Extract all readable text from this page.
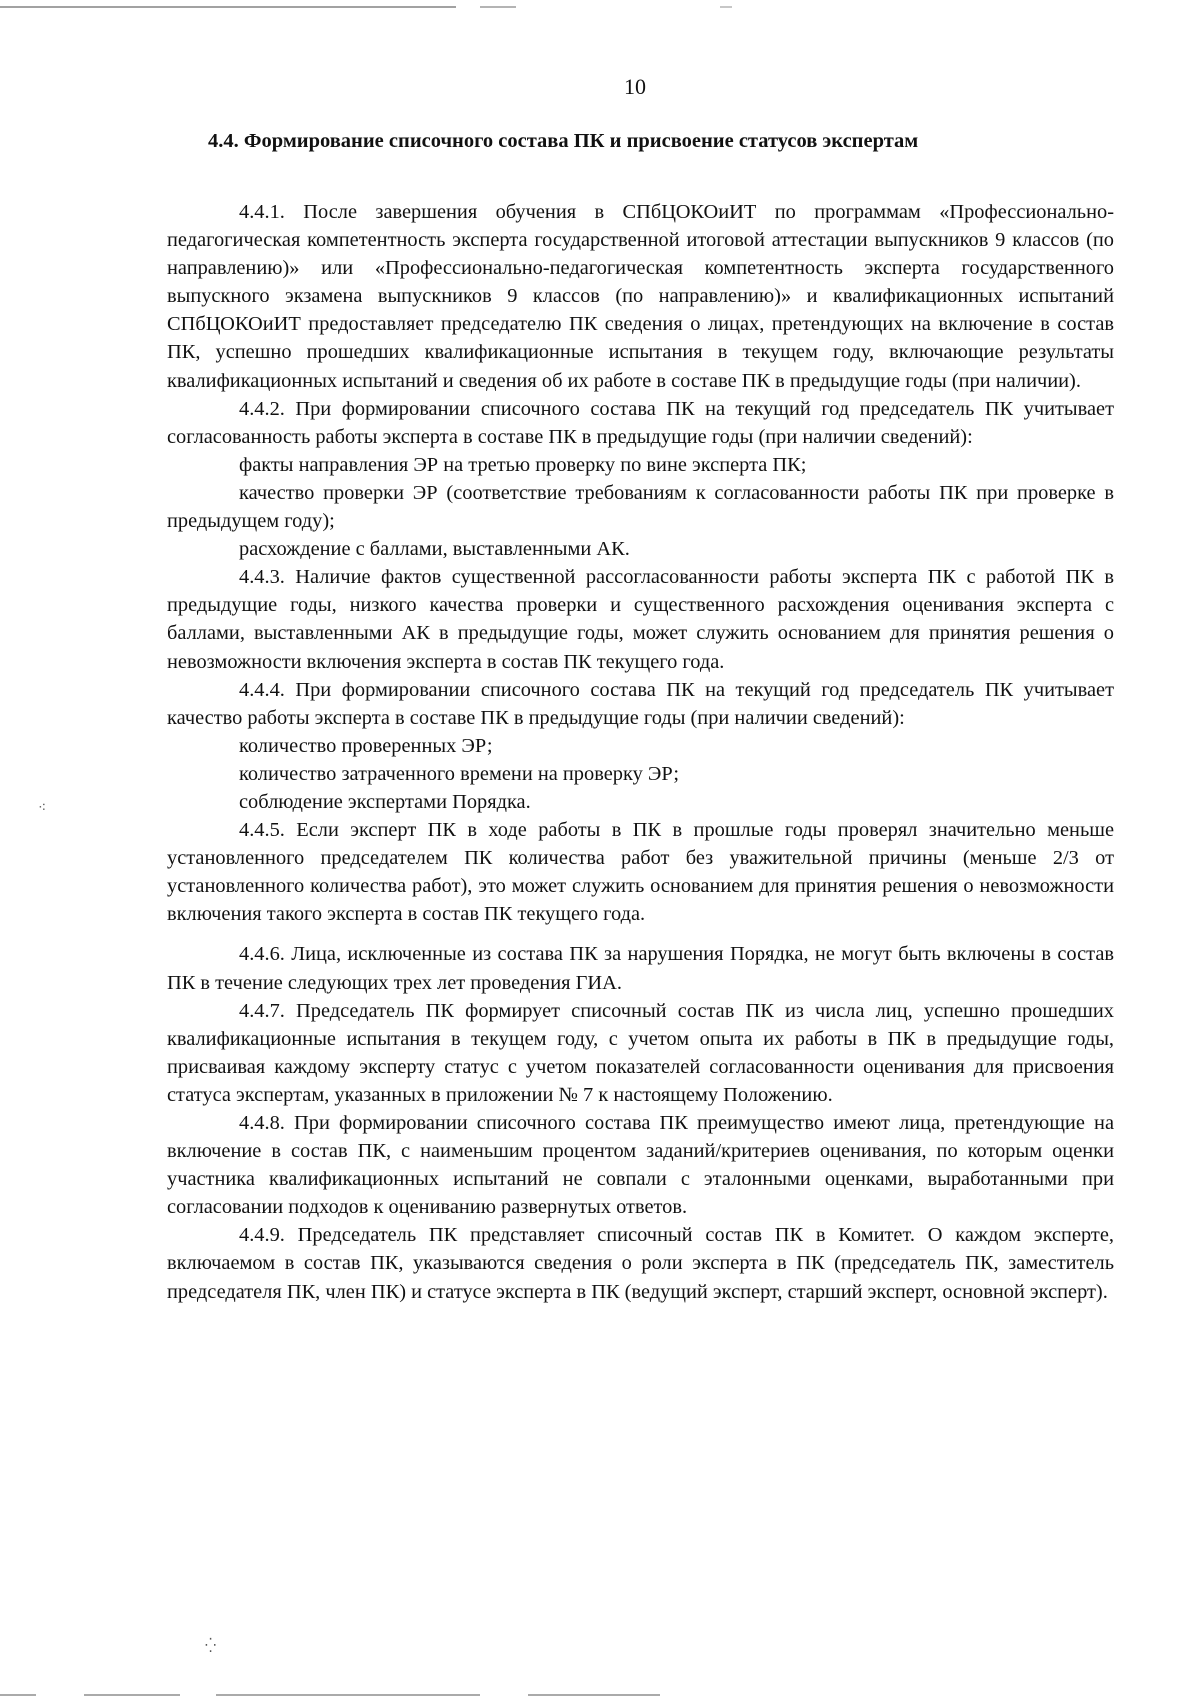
10
4.4. Формирование списочного состава ПК и присвоение статусов экспертам

4.4.1. После завершения обучения в СПбЦОКОиИТ по программам «Профессионально-педагогическая компетентность эксперта государственной итоговой аттестации выпускников 9 классов (по направлению)» или «Профессионально-педагогическая компетентность эксперта государственного выпускного экзамена выпускников 9 классов (по направлению)» и квалификационных испытаний СПбЦОКОиИТ предоставляет председателю ПК сведения о лицах, претендующих на включение в состав ПК, успешно прошедших квалификационные испытания в текущем году, включающие результаты квалификационных испытаний и сведения об их работе в составе ПК в предыдущие годы (при наличии).

4.4.2. При формировании списочного состава ПК на текущий год председатель ПК учитывает согласованность работы эксперта в составе ПК в предыдущие годы (при наличии сведений):

факты направления ЭР на третью проверку по вине эксперта ПК;

качество проверки ЭР (соответствие требованиям к согласованности работы ПК при проверке в предыдущем году);

расхождение с баллами, выставленными АК.

4.4.3. Наличие фактов существенной рассогласованности работы эксперта ПК с работой ПК в предыдущие годы, низкого качества проверки и существенного расхождения оценивания эксперта с баллами, выставленными АК в предыдущие годы, может служить основанием для принятия решения о невозможности включения эксперта в состав ПК текущего года.

4.4.4. При формировании списочного состава ПК на текущий год председатель ПК учитывает качество работы эксперта в составе ПК в предыдущие годы (при наличии сведений):

количество проверенных ЭР;

количество затраченного времени на проверку ЭР;

соблюдение экспертами Порядка.

4.4.5. Если эксперт ПК в ходе работы в ПК в прошлые годы проверял значительно меньше установленного председателем ПК количества работ без уважительной причины (меньше 2/3 от установленного количества работ), это может служить основанием для принятия решения о невозможности включения такого эксперта в состав ПК текущего года.

4.4.6. Лица, исключенные из состава ПК за нарушения Порядка, не могут быть включены в состав ПК в течение следующих трех лет проведения ГИА.

4.4.7. Председатель ПК формирует списочный состав ПК из числа лиц, успешно прошедших квалификационные испытания в текущем году, с учетом опыта их работы в ПК в предыдущие годы, присваивая каждому эксперту статус с учетом показателей согласованности оценивания для присвоения статуса экспертам, указанных в приложении № 7 к настоящему Положению.

4.4.8. При формировании списочного состава ПК преимущество имеют лица, претендующие на включение в состав ПК, с наименьшим процентом заданий/критериев оценивания, по которым оценки участника квалификационных испытаний не совпали с эталонными оценками, выработанными при согласовании подходов к оцениванию развернутых ответов.

4.4.9. Председатель ПК представляет списочный состав ПК в Комитет. О каждом эксперте, включаемом в состав ПК, указываются сведения о роли эксперта в ПК (председатель ПК, заместитель председателя ПК, член ПК) и статусе эксперта в ПК (ведущий эксперт, старший эксперт, основной эксперт).

⁖
⁛
